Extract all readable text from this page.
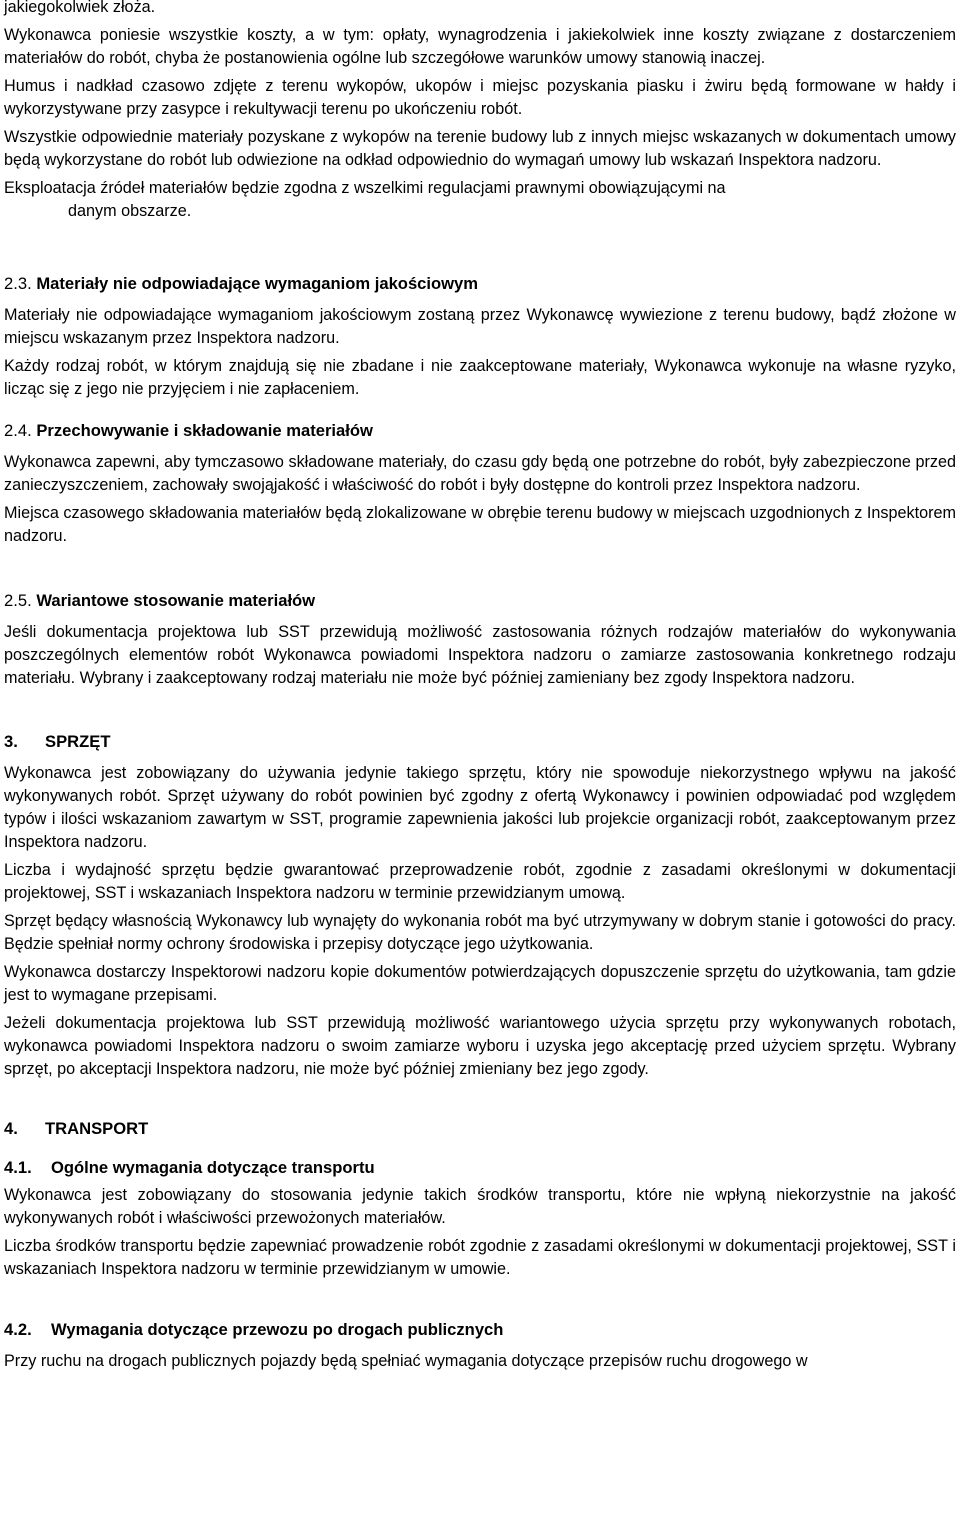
jakiegokolwiek złoża.

Wykonawca poniesie wszystkie koszty, a w tym: opłaty, wynagrodzenia i jakiekolwiek inne koszty związane z dostarczeniem materiałów do robót, chyba że postanowienia ogólne lub szczegółowe warunków umowy stanowią inaczej.

Humus i nadkład czasowo zdjęte z terenu wykopów, ukopów i miejsc pozyskania piasku i żwiru będą formowane w hałdy i wykorzystywane przy zasypce i rekultywacji terenu po ukończeniu robót.

Wszystkie odpowiednie materiały pozyskane z wykopów na terenie budowy lub z innych miejsc wskazanych w dokumentach umowy będą wykorzystane do robót lub odwiezione na odkład odpowiednio do wymagań umowy lub wskazań Inspektora nadzoru.

Eksploatacja źródeł materiałów będzie zgodna z wszelkimi regulacjami prawnymi obowiązującymi na

danym obszarze.

2.3. Materiały nie odpowiadające wymaganiom jakościowym

Materiały nie odpowiadające wymaganiom jakościowym zostaną przez Wykonawcę wywiezione z terenu budowy, bądź złożone w miejscu wskazanym przez Inspektora nadzoru.

Każdy rodzaj robót, w którym znajdują się nie zbadane i nie zaakceptowane materiały, Wykonawca wykonuje na własne ryzyko, licząc się z jego nie przyjęciem i nie zapłaceniem.

2.4. Przechowywanie i składowanie materiałów

Wykonawca zapewni, aby tymczasowo składowane materiały, do czasu gdy będą one potrzebne do robót, były zabezpieczone przed zanieczyszczeniem, zachowały swojąjakość i właściwość do robót i były dostępne do kontroli przez Inspektora nadzoru.

Miejsca czasowego składowania materiałów będą zlokalizowane w obrębie terenu budowy w miejscach uzgodnionych z Inspektorem nadzoru.

2.5. Wariantowe stosowanie materiałów

Jeśli dokumentacja projektowa lub SST przewidują możliwość zastosowania różnych rodzajów materiałów do wykonywania poszczególnych elementów robót Wykonawca powiadomi Inspektora nadzoru o zamiarze zastosowania konkretnego rodzaju materiału. Wybrany i zaakceptowany rodzaj materiału nie może być później zamieniany bez zgody Inspektora nadzoru.

3. SPRZĘT

Wykonawca jest zobowiązany do używania jedynie takiego sprzętu, który nie spowoduje niekorzystnego wpływu na jakość wykonywanych robót. Sprzęt używany do robót powinien być zgodny z ofertą Wykonawcy i powinien odpowiadać pod względem typów i ilości wskazaniom zawartym w SST, programie zapewnienia jakości lub projekcie organizacji robót, zaakceptowanym przez Inspektora nadzoru.

Liczba i wydajność sprzętu będzie gwarantować przeprowadzenie robót, zgodnie z zasadami określonymi w dokumentacji projektowej, SST i wskazaniach Inspektora nadzoru w terminie przewidzianym umową.

Sprzęt będący własnością Wykonawcy lub wynajęty do wykonania robót ma być utrzymywany w dobrym stanie i gotowości do pracy. Będzie spełniał normy ochrony środowiska i przepisy dotyczące jego użytkowania.

Wykonawca dostarczy Inspektorowi nadzoru kopie dokumentów potwierdzających dopuszczenie sprzętu do użytkowania, tam gdzie jest to wymagane przepisami.

Jeżeli dokumentacja projektowa lub SST przewidują możliwość wariantowego użycia sprzętu przy wykonywanych robotach, wykonawca powiadomi Inspektora nadzoru o swoim zamiarze wyboru i uzyska jego akceptację przed użyciem sprzętu. Wybrany sprzęt, po akceptacji Inspektora nadzoru, nie może być później zmieniany bez jego zgody.

4. TRANSPORT
4.1. Ogólne wymagania dotyczące transportu

Wykonawca jest zobowiązany do stosowania jedynie takich środków transportu, które nie wpłyną niekorzystnie na jakość wykonywanych robót i właściwości przewożonych materiałów.

Liczba środków transportu będzie zapewniać prowadzenie robót zgodnie z zasadami określonymi w dokumentacji projektowej, SST i wskazaniach Inspektora nadzoru w terminie przewidzianym w umowie.

4.2. Wymagania dotyczące przewozu po drogach publicznych

Przy ruchu na drogach publicznych pojazdy będą spełniać wymagania dotyczące przepisów ruchu drogowego w
